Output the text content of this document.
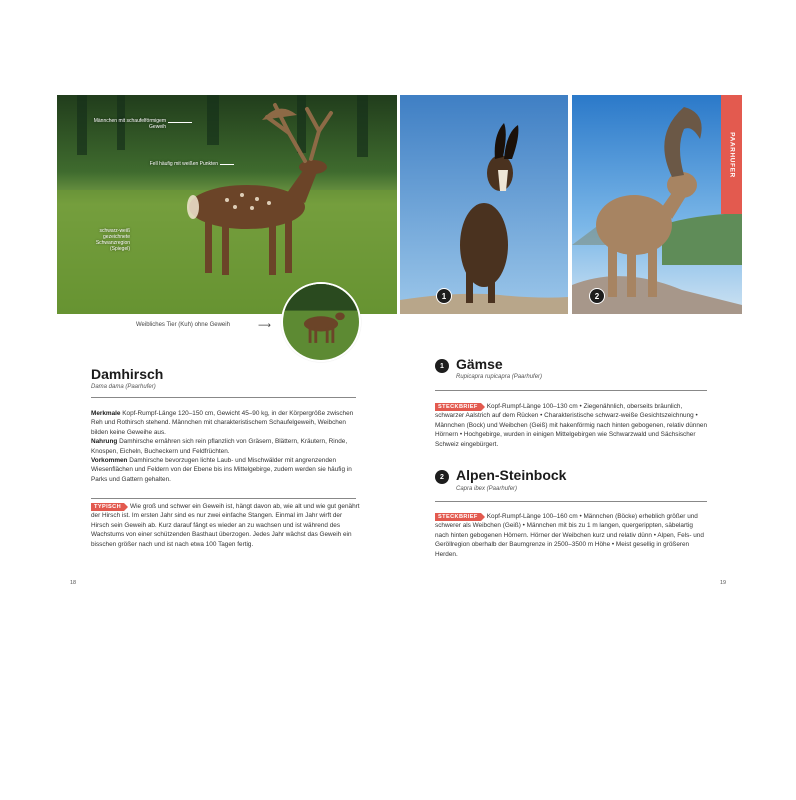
Männchen mit schaufelförmigem Geweih
Fell häufig mit weißen Punkten
schwarz-weiß gezeichnete Schwanzregion (Spiegel)
1	2
PAARHUFER
Weibliches Tier (Kuh) ohne Geweih	⟶
Damhirsch
Dama dama (Paarhufer)
Merkmale Kopf-Rumpf-Länge 120–150 cm, Gewicht 45–90 kg, in der Körpergröße zwischen Reh und Rothirsch stehend. Männchen mit charakteristischem Schaufelgeweih, Weibchen bilden keine Geweihe aus.
Nahrung Damhirsche ernähren sich rein pflanzlich von Gräsern, Blättern, Kräutern, Rinde, Knospen, Eicheln, Bucheckern und Feldfrüchten.
Vorkommen Damhirsche bevorzugen lichte Laub- und Mischwälder mit angrenzenden Wiesenflächen und Feldern von der Ebene bis ins Mittelgebirge, zudem werden sie häufig in Parks und Gattern gehalten.
TYPISCH Wie groß und schwer ein Geweih ist, hängt davon ab, wie alt und wie gut genährt der Hirsch ist. Im ersten Jahr sind es nur zwei einfache Stangen. Einmal im Jahr wirft der Hirsch sein Geweih ab. Kurz darauf fängt es wieder an zu wachsen und ist während des Wachstums von einer schützenden Basthaut überzogen. Jedes Jahr wächst das Geweih ein bisschen größer nach und ist nach etwa 100 Tagen fertig.
18
1 Gämse
Rupicapra rupicapra (Paarhufer)
STECKBRIEF Kopf-Rumpf-Länge 100–130 cm • Ziegenähnlich, oberseits bräunlich, schwarzer Aalstrich auf dem Rücken • Charakteristische schwarz-weiße Gesichtszeichnung • Männchen (Bock) und Weibchen (Geiß) mit hakenförmig nach hinten gebogenen, relativ dünnen Hörnern • Hochgebirge, wurden in einigen Mittelgebirgen wie Schwarzwald und Sächsischer Schweiz eingebürgert.
2 Alpen-Steinbock
Capra ibex (Paarhufer)
STECKBRIEF Kopf-Rumpf-Länge 100–160 cm • Männchen (Böcke) erheblich größer und schwerer als Weibchen (Geiß) • Männchen mit bis zu 1 m langen, quergerippten, säbelartig nach hinten gebogenen Hörnern. Hörner der Weibchen kurz und relativ dünn • Alpen, Fels- und Geröllregion oberhalb der Baumgrenze in 2500–3500 m Höhe • Meist gesellig in größeren Herden.
19
